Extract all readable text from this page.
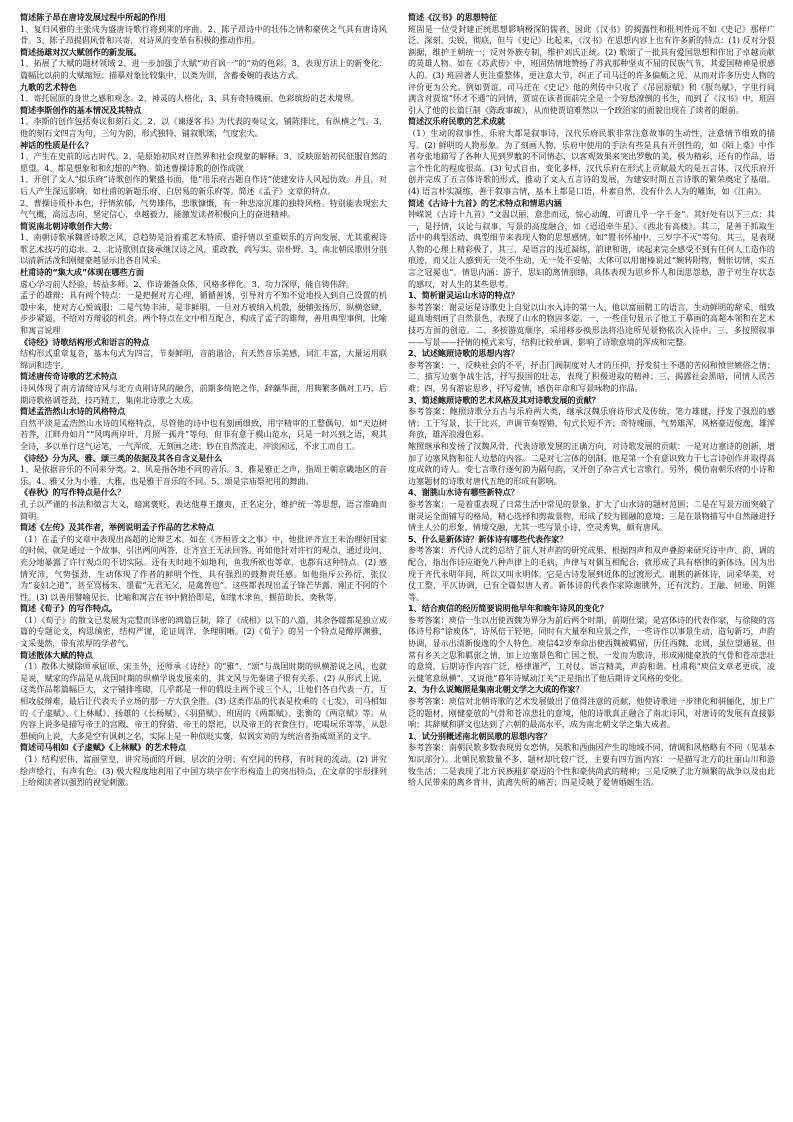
简述陈子昂在唐诗发展过程中所起的作用

1、复归风雅的主张成为盛唐诗歌行将到来的序曲。2、陈子昂诗中的壮伟之情和豪侠之气具有唐诗风骨。3、陈子昂提倡风骨和兴寄，对诗风的变革有积极的推动作用。

简述扬雄对汉大赋创作的新发展。

1、拓展了大赋的题材领域 2、进一步加强了大赋“劝百讽一”的“劝的色彩。3、表现方法上的新变化：篇幅比以前的大赋缩短；描摹对象比较集中，以类为训，含蓄委婉的表达方式。

九歌的艺术特色

1、寄托屈原的身世之感和观念。2、神灵的人格化，3、具有奇特瑰丽、色彩缤纷的艺术境界。

简述李斯创作的基本情况及其特点

1、李斯的创作包括奏议和刻石文。2、以《谏逐客书》为代表的奏议文，铺陈排比，有纵横之气。3、他的刻石文四言为句，三句为韵，形式独特，铺叙歌颂，气度宏大。

神话的性质是什么？

1、产生在史前的远古时代。2、是原始初民对自然界和社会现象的解释。3、反映原始初民征服自然的愿望。4、都是想象和和幻想的产物。简述曹操诗歌的创作成就

1、开创了文人“拟乐府”诗歌创作的繁盛书面，他“用乐府古题自作诗”使建安诗人风起仿效。并且，对后人产生深远影响，如杜甫的新题乐府、白居易的新乐府等。简述《孟子》文章的特点。

2、曹操诗质朴本色，抒情浓郁，气势雄伟，悲歌慷慨，有一种悲凉沉雄的独特风格。特别能表现宏大气气概，高远志向，坚定信心，卓越毅力，能激发读者积极向上的奋进精神。

简说南北朝诗歌创作大势：

1、南朝诗歌承魏晋诗歌之风，总趋势是沿着重艺术特质、重抒情以至重娱乐的方向发展，尤其重视诗歌艺术技巧的追求。2、北诗歌则直接承继汉诗之风，重政教、尚写实、崇朴野。3、南北朝民歌则分别以清新活泼和刚健豪越显示出各自风采。

杜甫诗的“集大成”体现在哪些方面

虚心学习前人经验，转益多师。2、作诗兼备众体，风格多样化。3、功力深厚，能自铸伟辞。

孟子的雄辩：具有两个特点：一是把握对方心理，循循善诱，引导对方不知不觉地投入到自己设置的机彀中来，使对方心悦诚服；二是气势丰沛，是非鲜明，一旦对方被纳入机彀，便辅张扬厉，纵横恣肆，步步紧逼，不给对方辩驳的机会。两个特点在文中相互配合，构成了孟子的雄辩，善用典型事例，比喻和寓言说理

《诗经》诗歌结构形式和语言的特点

结构形式重章复沓，基本句式为四言，节奏鲜明，音韵谐洽，有天然音乐美感，词汇丰富，大量运用联绵词和迭字。

简述唐传奇诗歌的艺术特点

诗风体现了南方清绮诗风与北方贞刚诗风的融合，前期多绮艳之作，辞藻华面，用典繁多偶对工巧，后期诗歌格调苍劲，技巧精工，集南北诗歌之大成。

简述孟浩然山水诗的风格特点

自然平淡是孟浩然山水诗的风格特点，尽管他的诗中也有刻画细致，用字精审的工整偶句，如“天边树若荠，江畔舟如月”“风鸣两岸叶，月照一孤舟”等句，但非有意于模山范水，只是一时兴到之语，观其全诗，多以单行这气运笔，一气浑成，无刻画之迹；妙在自然流走，冲淡闲远，不求工而自工。

《诗经》分为风、雅、颂三类的依据及其各自含义是什么

1、是依据音乐的不同来分类。2、风是指各地不同的音乐。3、雅是雅正之声，指周王朝京畿地区的音乐。4、雅又分为小雅、大雅，也是雅于音乐的不同。5、颂是宗庙祭祀用的舞曲。

《春秋》的写作特点是什么？

孔子以严谨的书法和微言大义，暗寓褒贬，表达他尊王攘夷，正名定分，维护统一等思想，语言准确而简明。

简述《左传》及其作者，举例说明孟子作品的艺术特点

（1）在孟子的文章中表现出高超的论辩艺术。如在《齐桓晋文之事》中，他批评齐宣王未治理好国家的时候，就是通过一个故事，引出两问两答，让齐宣王无法回答。再如他针对许行的观点，通过设问，充分地暴露了许行观点的不切实际。还有天时地不如地利，鱼我所欲也等章，也都有这种特点。(2) 感情充沛，气势强劲，生动体现了作者的鲜明个性，具有强烈的鼓舞责任感。如他指斥公孙衍、张仪为“妾妇之道”，甚至骂杨朱、墨翟“无君无父，是禽兽也”。这些都表现出孟子锋芒毕露、刚正不阿的个性。(3) 以善用譬喻见长，比喻和寓言在书中俯拾即是，如缘木求鱼，揠苗助长、奕秋等。

简述《荀子》的写作特点。

（1）《荀子》的散文已发展为完整而详密的鸿篇巨制，除了《成相》以下的八篇，其余各篇都是独立成篇的专题论文，构思缜密，结构严谨，论证周详，条理明晰。(2)《荀子》的另一个特点是醇厚渊雅，文采斐然，带有浓厚的学者气。

简述散体大赋的特点

（1）散体大赋除师承屈原、宋玉外，还师承《诗经》的“雅”、“颂”与战国时期的纵横游说之风，也就是说，赋家的作品是从战国时期的纵横学说发展来的，其文风与先秦诸子很有关系。(2) 从形式上说，这类作品都篇幅巨大，文字铺排堆砌，几乎都是一样的假设主两个或三个人，让他们各自代表一方，互相攻驳辩难，最后让代表天子立场的那一方大获全胜。(3) 这类作品的代表是枚乘的《七发》，司马相如的《子虚赋》、《上林赋》、扬雄的《长杨赋》、《羽猎赋》、班固的《两都赋》、张衡的《两京赋》等。从内容上说多是描写帝王的宫殿、帝王的狩猎、帝王的祭祀，以及帝王的衣食住行，吃喝玩乐等等，从思想倾向上说，大多是空有讽刺之名，实际上是一种似贬实褒，似讽实劝的为统治者指威颂圣的文字。

简述司马相如《子虚赋》《上林赋》的艺术特点

（1）结构宏伟，富丽堂皇，讲究场面的开阔，层次的分明；有空间的转移，有时间的流动。(2) 讲究绘声绘行，有声有色。(3) 极大程度地利用了中国方块字在字形构造上的突出特点，在文章的字形排列上给阅读者以强烈的视觉刺激。

简述《汉书》的思想特征

班固是一位受封建正统思想影响极深的儒者，因此《汉书》的揭露性和批判性远不如《史记》那样广泛、深刻、尖锐、彻底，但与《史记》比起来，《汉书》在思想内容上也有许多新的特点：(1) 反对分裂割据，维护王朝统一；反对外族专制，维护刘氏正统。(2) 歌颂了一批具有爱国思想和作出了卓越贡献的英雄人物。如在《苏武传》中，班固热情地赞扬了苏武那种坚贞不屈的民族气节，其爱国精神是很感人的。(3) 班固著人更注重整体，更注意大节，纠正了司马迁的许多偏颇之见，从而对许多历史人物的评价更为公允。例如贾谊，司马迁在《史记》他的列传中只收了《吊屈原赋》和《服鸟赋》，字里行间满含对贾谊“怀才不遇”的同情，贾谊在该者面前完全是一个穷愁潦倒的书生，而到了《汉书》中，班固引入了他的长篇巨制《陈政事疏》，从而使贾谊难然以一个政治家的面貌出现在了读者的眼前。

简述汉乐府民歌的艺术成就

（1）生动的叙事性，乐府大都是叙事诗，汉代乐府民歌非常注意故事的生动性，注意情节细致的描写。(2) 鲜明的人物形象。为了刻画人物，乐府中使用的手法有些是具有开创性的，如《陌上桑》中作者夸张地描写了各种人见到罗敷的不同情态，以客观效果来突出罗敷的美，极为精彩，还有的作品，语言个性化的程度很高。(3) 句式自由，变化多样，汉代乐府在形式上贡献最大的是五言体，汉代乐府开创并完成了五言体诗歌的形式，推动了文人五言诗的发展，为建安时期五言诗歌的繁荣奠定了基础。(4) 语言朴实凝练，善于叙事言情，基本上都是口语，朴素自然，没有什么人为的雕饰，如《江南》。

简述《古诗十九首》的艺术特点和情思内涵

钟嵘说《古诗十九首》“文温以丽，意悲而远，惊心动魄，可谓几乎一字千金”。其好处有以下三点：其一，是抒情，议论与叙事，写景的高度融合，如《迢迢牵牛星》、《西北有高楼》。其二，是善于抓取生活中的典型活动、典型细节来表现人物的思想感情。如“置书怀袖中，三岁字不灭”等句。其三，是表现人物的心理上精彩极了，其三，是语言的浅近凝练，韵律和谐，读起来完全感受不到有任何人工造作的痕迹，而又让人感到无一处不生动，无一处不妥帖，大体可以用谢榛说过“婉转附物，惆怅切情，实五言之冠冕也”。情思内涵：游子，思妇的离情别绪，具体表现为思乡怀人和闺思怨愁，游子对生存状态的感叹，对人生的某些思考。

1、简析谢灵运山水诗的特点？

参考答案：谢灵运是诗歌史上自觉以山水入诗的第一人，他以富丽精工的语言，生动鲜明的辞采，细致逼真地刻画了自然景色，表现了山水的物固多姿。一、一些佳句显示了他工于摹画的高超本领和在艺术技巧方面的创造。二、多按游览顺序，采用移步换形法将沿途所见景物依次入诗中。三、多按照叙事——写景——抒情的模式来写，结构比较单调，影响了诗歌意境的浑成和完整。

2、试述鲍照诗歌的思想内容？

参考答案：一、反映社会的不平，抒击门阀制度对人才的压抑，抒发贫士不遇的苦闷和愤世嫉俗之情；二、描写边塞争战生活，抒写报国的壮志，表现了积极进取的精神；三、揭露社会黑暗，同情人民苦难；四、另有游宦思乡，抒写爱情，感伤年命和写景咏物的作品。

3、简述鲍照诗歌的艺术风格及其对诗歌发展的贡献？

参考答案：鲍照诗歌分五古与乐府两大类，继承汉魏乐府诗形式及传统，笔力雄健，抒发了强烈的感情；工于写景，长于比兴，声调节奏铿锵，句式长短不齐；奇特瑰丽，气势雄浑，风格豪迈俊逸，雄浑奔放，雄浑浪漫色彩。

鲍照继承和发扬了汉魏风骨，代表诗歌发展的正确方向，对诗歌发展的贡献：一是对边塞诗的创新，增加了边塞风物和征人边愁的内容。二是对七言体的创制，他是第一个有意识致力于七言诗创作并取得高度成就的诗人。变七言歌行逐句韵为隔句韵，又开创了杂言式七言歌行。另外，模仿南朝乐府的小诗和边塞题材的诗歌对唐代五绝的形成有影响。

4、谢朓山水诗有哪些新特点？

参考答案：一是着重表现了日常生活中常见的景象，扩大了山水诗的题材范围；二是在写景方面突破了谢灵运全面铺写的格局，精心选择和剪裁景物，形成了较为圆融的意境；三是在景物描写中自然融进抒情主人公的形象，情境交融，尤其一些写景小诗，空灵秀隽，颇有唐风。

5、什么是新体诗？新体诗有哪些代表作家？

参考答案：齐代诗人沈约总结了前人对声韵的研究成果，根据四声和双声叠韵来研究诗中声、韵、调的配合，指出作诗应避免八种声律上的毛病，声律与对偶互相配合，就形成了具有格律的新体诗。因为出现于齐代永明年间，所以又叫永明体。它是古诗发展到近体的过渡形式。谢朓的新体诗，词采华美，对仗工整，平仄协调，已有全篇似唐人者。新体诗的代表作家除谢朓外，还有沈约、王融、何逊、阴铿等。

1、结合庾信的经历简要说明他早年和晚年诗风的变化？

参考答案：庾信一生以出使西魏为界分为前后两个时期，前期仕梁，是宫体诗的代表作家，与徐陵的宫体诗号称“徐庾体”，诗风倍于轻艳，同时有大量奉和应景之作，一些诗作以事景生动，造句新巧，声韵协调，显示出清新俊逸的个人特色。庾信42岁奉命出使西魏被羁留，历任西魏、北周，虽位望通显，但常有乡关之思和羁旅之情，加上边塞景色和亡国之恨，一发而为歌诗，形成刚健豪放的气骨和苍凉悲壮的意境，后期诗作内容广泛，格律谨严，工对仗、语言精美，声韵和谐。杜甫称“庾信文章老更成，凌云健笔意纵横”，又说他“暮年诗赋动江关”正是指出了他后期诗文风格的变化。

2、为什么说鲍照是集南北朝文学之大成的作家？

参考答案：庾信对北朝诗歌的艺术发展做出了值得注意的贡献，他使诗歌进一步律化和骈俪化，加上广泛的题材，刚健豪放的气骨和苍凉悲壮的意境，他的诗歌真正融合了南北诗风，对唐诗的发展有直接影响；其辞赋和骈文也达到了六朝的最高水平，成为南北朝文学之集大成者。

1、试分别概述南北朝民歌的思想内容？

参考答案：南朝民歌多数表现男女恋情，吴歌和西曲因产生的地域不同，情调和风格略有不同（见基本知识部分）。北朝民歌数量不多，题材却比较广泛，主要有四方面内容：一是描写北方的壮丽山川和游牧生活；二是表现了北方民族粗犷豪迈的个性和豪侠尚武的精神；三是反映了北方频繁的战争以及由此给人民带来的离乡背井，流离失所的痛苦；四是反映了爱情婚姻生活。
